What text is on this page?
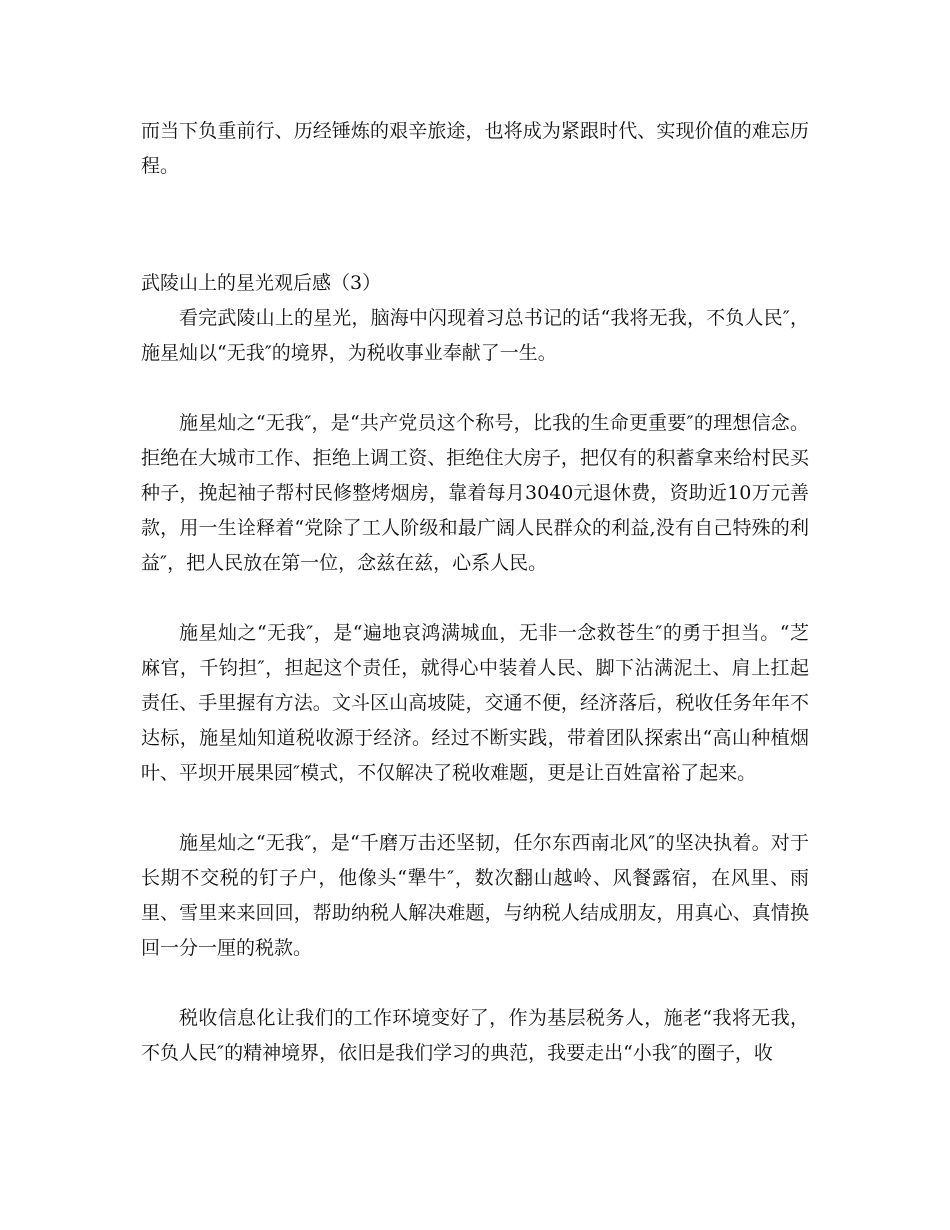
而当下负重前行、历经锤炼的艰辛旅途，也将成为紧跟时代、实现价值的难忘历程。

武陵山上的星光观后感（3）

看完武陵山上的星光，脑海中闪现着习总书记的话“我将无我，不负人民″，施星灿以“无我″的境界，为税收事业奉献了一生。

施星灿之“无我″，是“共产党员这个称号，比我的生命更重要″的理想信念。拒绝在大城市工作、拒绝上调工资、拒绝住大房子，把仅有的积蓄拿来给村民买种子，挽起袖子帮村民修整烤烟房，靠着每月3040元退休费，资助近10万元善款，用一生诠释着“党除了工人阶级和最广阔人民群众的利益,没有自己特殊的利益″，把人民放在第一位，念兹在兹，心系人民。

施星灿之“无我″，是“遍地哀鸿满城血，无非一念救苍生″的勇于担当。“芝麻官，千钧担″，担起这个责任，就得心中装着人民、脚下沾满泥土、肩上扛起责任、手里握有方法。文斗区山高坡陡，交通不便，经济落后，税收任务年年不达标，施星灿知道税收源于经济。经过不断实践，带着团队探索出“高山种植烟叶、平坝开展果园″模式，不仅解决了税收难题，更是让百姓富裕了起来。

施星灿之“无我″，是“千磨万击还坚韧，任尔东西南北风″的坚决执着。对于长期不交税的钉子户，他像头“犟牛″，数次翻山越岭、风餐露宿，在风里、雨里、雪里来来回回，帮助纳税人解决难题，与纳税人结成朋友，用真心、真情换回一分一厘的税款。

税收信息化让我们的工作环境变好了，作为基层税务人，施老“我将无我，不负人民″的精神境界，依旧是我们学习的典范，我要走出“小我″的圈子，收
